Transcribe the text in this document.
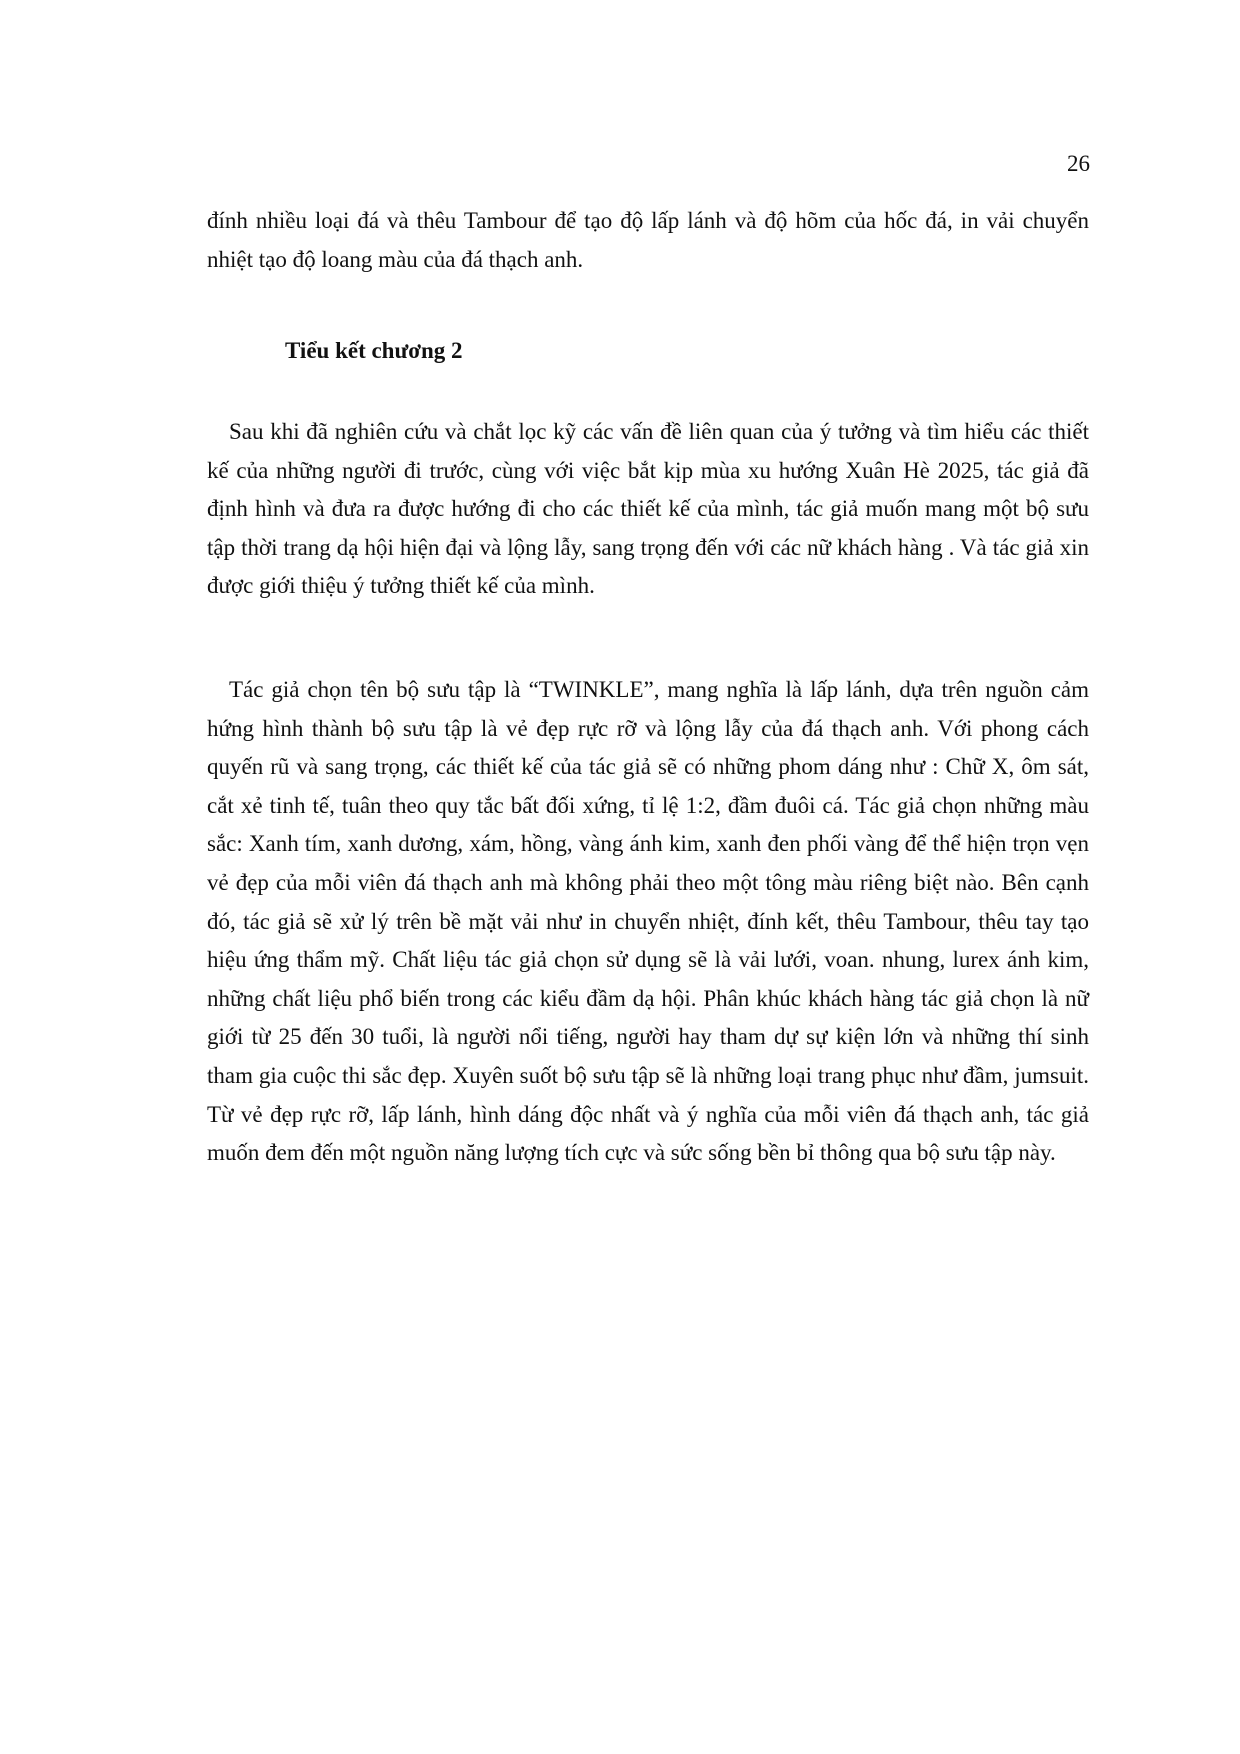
26

đính nhiều loại đá và thêu Tambour để tạo độ lấp lánh và độ hõm của hốc đá, in vải chuyển nhiệt tạo độ loang màu của đá thạch anh.

Tiểu kết chương 2

Sau khi đã nghiên cứu và chắt lọc kỹ các vấn đề liên quan của ý tưởng và tìm hiểu các thiết kế của những người đi trước, cùng với việc bắt kịp mùa xu hướng Xuân Hè 2025, tác giả đã định hình và đưa ra được hướng đi cho các thiết kế của mình, tác giả muốn mang một bộ sưu tập thời trang dạ hội hiện đại và lộng lẫy, sang trọng đến với các nữ khách hàng . Và tác giả xin được giới thiệu ý tưởng thiết kế của mình.

Tác giả chọn tên bộ sưu tập là “TWINKLE”, mang nghĩa là lấp lánh, dựa trên nguồn cảm hứng hình thành bộ sưu tập là vẻ đẹp rực rỡ và lộng lẫy của đá thạch anh. Với phong cách quyến rũ và sang trọng, các thiết kế của tác giả sẽ có những phom dáng như : Chữ X, ôm sát, cắt xẻ tinh tế, tuân theo quy tắc bất đối xứng, tỉ lệ 1:2, đầm đuôi cá. Tác giả chọn những màu sắc: Xanh tím, xanh dương, xám, hồng, vàng ánh kim, xanh đen phối vàng để thể hiện trọn vẹn vẻ đẹp của mỗi viên đá thạch anh mà không phải theo một tông màu riêng biệt nào. Bên cạnh đó, tác giả sẽ xử lý trên bề mặt vải như in chuyển nhiệt, đính kết, thêu Tambour, thêu tay tạo hiệu ứng thẩm mỹ. Chất liệu tác giả chọn sử dụng sẽ là vải lưới, voan. nhung, lurex ánh kim, những chất liệu phổ biến trong các kiểu đầm dạ hội. Phân khúc khách hàng tác giả chọn là nữ giới từ 25 đến 30 tuổi, là người nổi tiếng, người hay tham dự sự kiện lớn và những thí sinh tham gia cuộc thi sắc đẹp. Xuyên suốt bộ sưu tập sẽ là những loại trang phục như đầm, jumsuit. Từ vẻ đẹp rực rỡ, lấp lánh, hình dáng độc nhất và ý nghĩa của mỗi viên đá thạch anh, tác giả muốn đem đến một nguồn năng lượng tích cực và sức sống bền bỉ thông qua bộ sưu tập này.
